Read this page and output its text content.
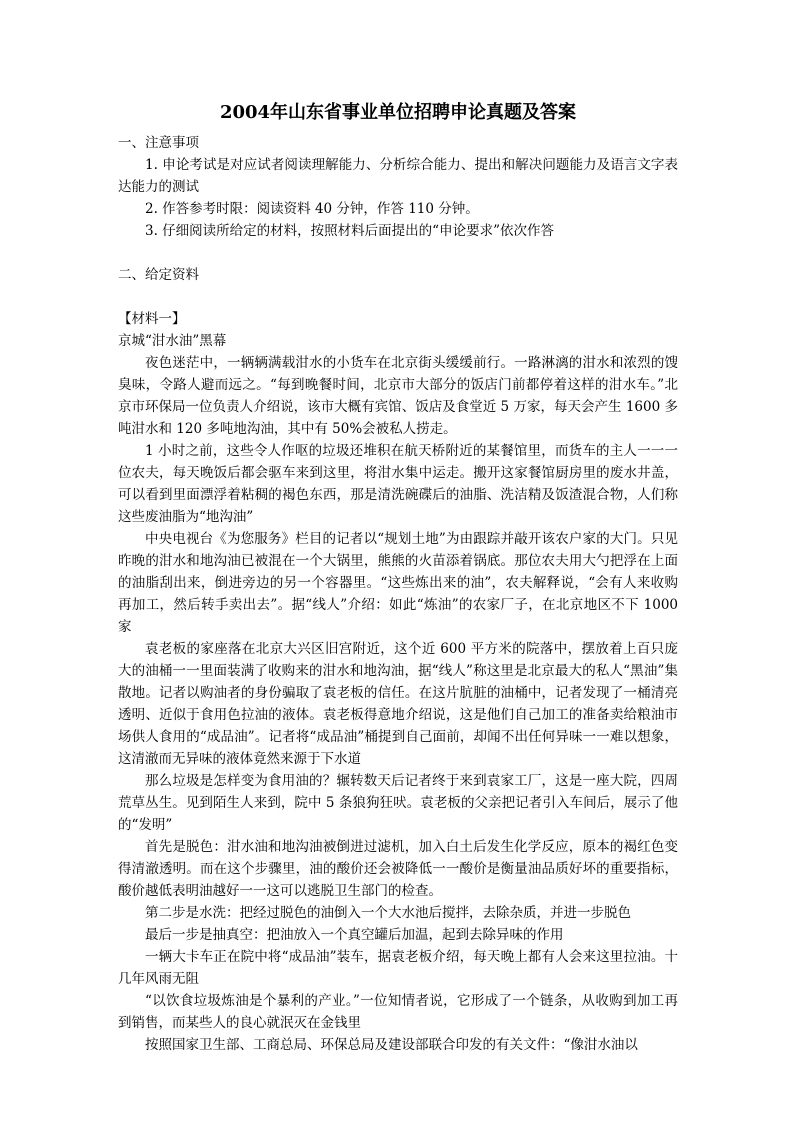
2004年山东省事业单位招聘申论真题及答案

一、注意事项

1. 申论考试是对应试者阅读理解能力、分析综合能力、提出和解决问题能力及语言文字表达能力的测试

2. 作答参考时限：阅读资料 40 分钟，作答 110 分钟。

3. 仔细阅读所给定的材料，按照材料后面提出的“申论要求”依次作答

二、给定资料

【材料一】

京城“泔水油”黑幕

夜色迷茫中，一辆辆满载泔水的小货车在北京街头缓缓前行。一路淋漓的泔水和浓烈的馊臭味，令路人避而远之。“每到晚餐时间，北京市大部分的饭店门前都停着这样的泔水车。”北京市环保局一位负责人介绍说，该市大概有宾馆、饭店及食堂近 5 万家，每天会产生 1600 多吨泔水和 120 多吨地沟油，其中有 50%会被私人捞走。

1 小时之前，这些令人作呕的垃圾还堆积在航天桥附近的某餐馆里，而货车的主人一一一位农夫，每天晚饭后都会驱车来到这里，将泔水集中运走。搬开这家餐馆厨房里的废水井盖，可以看到里面漂浮着粘稠的褐色东西，那是清洗碗碟后的油脂、洗洁精及饭渣混合物，人们称这些废油脂为“地沟油”

中央电视台《为您服务》栏目的记者以“规划土地”为由跟踪并敲开该农户家的大门。只见昨晚的泔水和地沟油已被混在一个大锅里，熊熊的火苗添着锅底。那位农夫用大勺把浮在上面的油脂刮出来，倒进旁边的另一个容器里。“这些炼出来的油”，农夫解释说，“会有人来收购再加工，然后转手卖出去”。据“线人”介绍：如此“炼油”的农家厂子，在北京地区不下 1000 家

袁老板的家座落在北京大兴区旧宫附近，这个近 600 平方米的院落中，摆放着上百只庞大的油桶一一里面装满了收购来的泔水和地沟油，据“线人”称这里是北京最大的私人“黑油”集散地。记者以购油者的身份骗取了袁老板的信任。在这片肮脏的油桶中，记者发现了一桶清亮透明、近似于食用色拉油的液体。袁老板得意地介绍说，这是他们自己加工的准备卖给粮油市场供人食用的“成品油”。记者将“成品油”桶提到自己面前，却闻不出任何异味一一难以想象，这清澈而无异味的液体竟然来源于下水道

那么垃圾是怎样变为食用油的？辗转数天后记者终于来到袁家工厂，这是一座大院，四周荒草丛生。见到陌生人来到，院中 5 条狼狗狂吠。袁老板的父亲把记者引入车间后，展示了他的“发明”

首先是脱色：泔水油和地沟油被倒进过滤机，加入白土后发生化学反应，原本的褐红色变得清澈透明。而在这个步骤里，油的酸价还会被降低一一酸价是衡量油品质好坏的重要指标，酸价越低表明油越好一一这可以逃脱卫生部门的检查。

第二步是水洗：把经过脱色的油倒入一个大水池后搅拌，去除杂质，并进一步脱色

最后一步是抽真空：把油放入一个真空罐后加温，起到去除异味的作用

一辆大卡车正在院中将“成品油”装车，据袁老板介绍，每天晚上都有人会来这里拉油。十几年风雨无阻

“以饮食垃圾炼油是个暴利的产业。”一位知情者说，它形成了一个链条，从收购到加工再到销售，而某些人的良心就泯灭在金钱里

按照国家卫生部、工商总局、环保总局及建设部联合印发的有关文件：“像泔水油以
